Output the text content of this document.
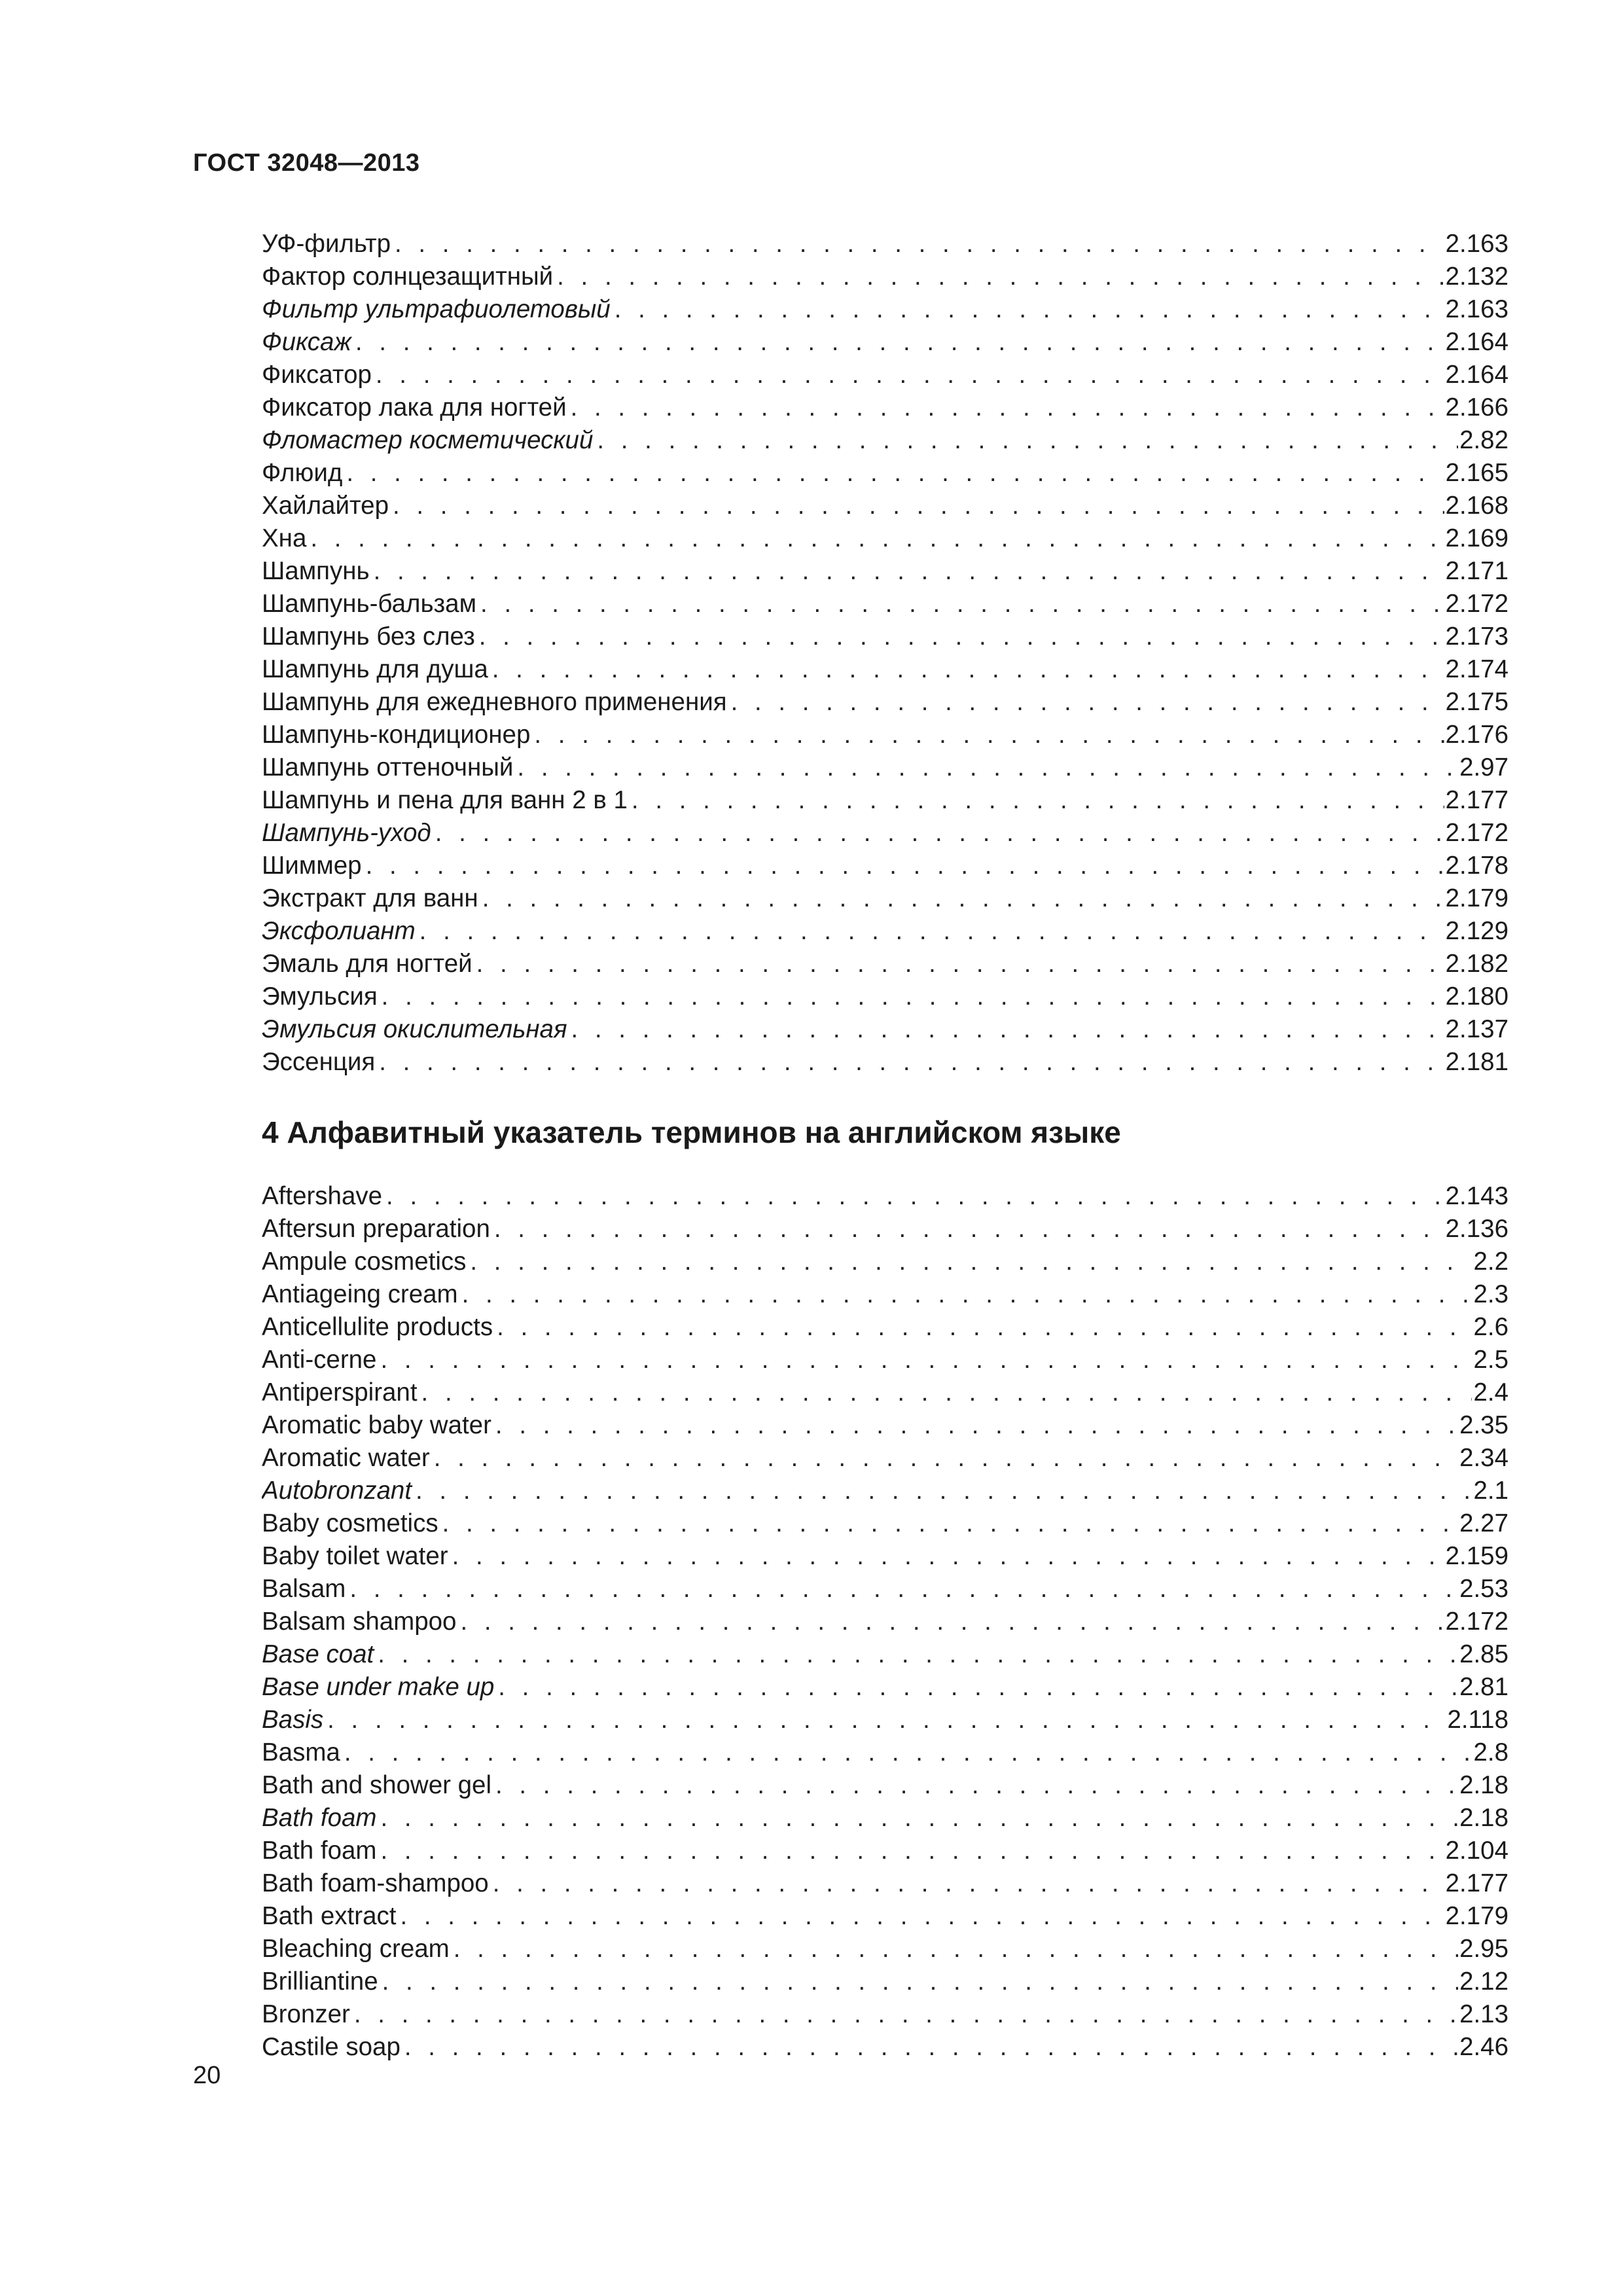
ГОСТ 32048—2013
УФ-фильтр . . .	2.163
Фактор солнцезащитный . . .	2.132
Фильтр ультрафиолетовый . . .	2.163
Фиксаж . . .	2.164
Фиксатор . . .	2.164
Фиксатор лака для ногтей . . .	2.166
Фломастер косметический . . .	2.82
Флюид . . .	2.165
Хайлайтер . . .	2.168
Хна . . .	2.169
Шампунь . . .	2.171
Шампунь-бальзам . . .	2.172
Шампунь без слез . . .	2.173
Шампунь для душа . . .	2.174
Шампунь для ежедневного применения . . .	2.175
Шампунь-кондиционер . . .	2.176
Шампунь оттеночный . . .	2.97
Шампунь и пена для ванн 2 в 1 . . .	2.177
Шампунь-уход . . .	2.172
Шиммер . . .	2.178
Экстракт для ванн . . .	2.179
Эксфолиант . . .	2.129
Эмаль для ногтей . . .	2.182
Эмульсия . . .	2.180
Эмульсия окислительная . . .	2.137
Эссенция . . .	2.181
4 Алфавитный указатель терминов на английском языке
Aftershave . . .	2.143
Aftersun preparation . . .	2.136
Ampule cosmetics . . .	2.2
Antiageing cream . . .	2.3
Anticellulite products . . .	2.6
Anti-cerne . . .	2.5
Antiperspirant . . .	2.4
Aromatic baby water . . .	2.35
Aromatic water . . .	2.34
Autobronzant . . .	2.1
Baby cosmetics . . .	2.27
Baby toilet water . . .	2.159
Balsam . . .	2.53
Balsam shampoo . . .	2.172
Base coat . . .	2.85
Base under make up . . .	2.81
Basis . . .	2.118
Basma . . .	2.8
Bath and shower gel . . .	2.18
Bath foam . . .	2.18
Bath foam . . .	2.104
Bath foam-shampoo . . .	2.177
Bath extract . . .	2.179
Bleaching cream . . .	2.95
Brilliantine . . .	2.12
Bronzer . . .	2.13
Castile soap . . .	2.46
20
